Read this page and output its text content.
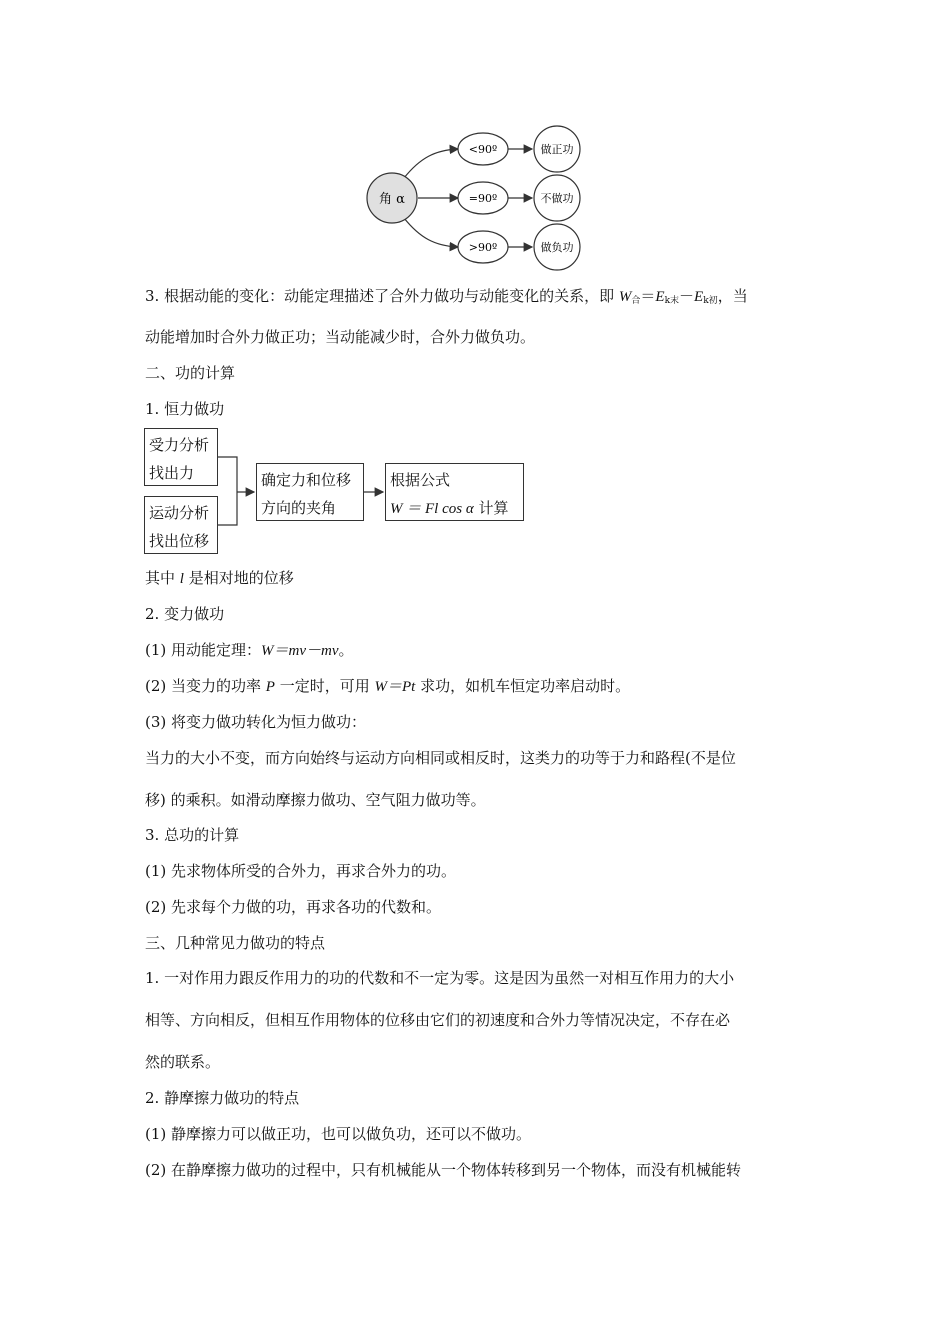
角 α
<90º
=90º
>90º
做正功
不做功
做负功
3. 根据动能的变化：动能定理描述了合外力做功与动能变化的关系，即 $W_合=E_{k末}-E_{k初}$，当
动能增加时合外力做正功；当动能减少时，合外力做负功。
二、功的计算
1. 恒力做功
受力分析
找出力
运动分析
找出位移
确定力和位移
方向的夹角
根据公式
W ＝ Fl cos α 计算
其中 l 是相对地的位移
2. 变力做功
(1) 用动能定理：W＝mv－mv。
(2) 当变力的功率 P 一定时，可用 W＝Pt 求功，如机车恒定功率启动时。
(3) 将变力做功转化为恒力做功：
当力的大小不变，而方向始终与运动方向相同或相反时，这类力的功等于力和路程(不是位
移) 的乘积。如滑动摩擦力做功、空气阻力做功等。
3. 总功的计算
(1) 先求物体所受的合外力，再求合外力的功。
(2) 先求每个力做的功，再求各功的代数和。
三、几种常见力做功的特点
1. 一对作用力跟反作用力的功的代数和不一定为零。这是因为虽然一对相互作用力的大小
相等、方向相反，但相互作用物体的位移由它们的初速度和合外力等情况决定，不存在必
然的联系。
2. 静摩擦力做功的特点
(1) 静摩擦力可以做正功，也可以做负功，还可以不做功。
(2) 在静摩擦力做功的过程中，只有机械能从一个物体转移到另一个物体，而没有机械能转
